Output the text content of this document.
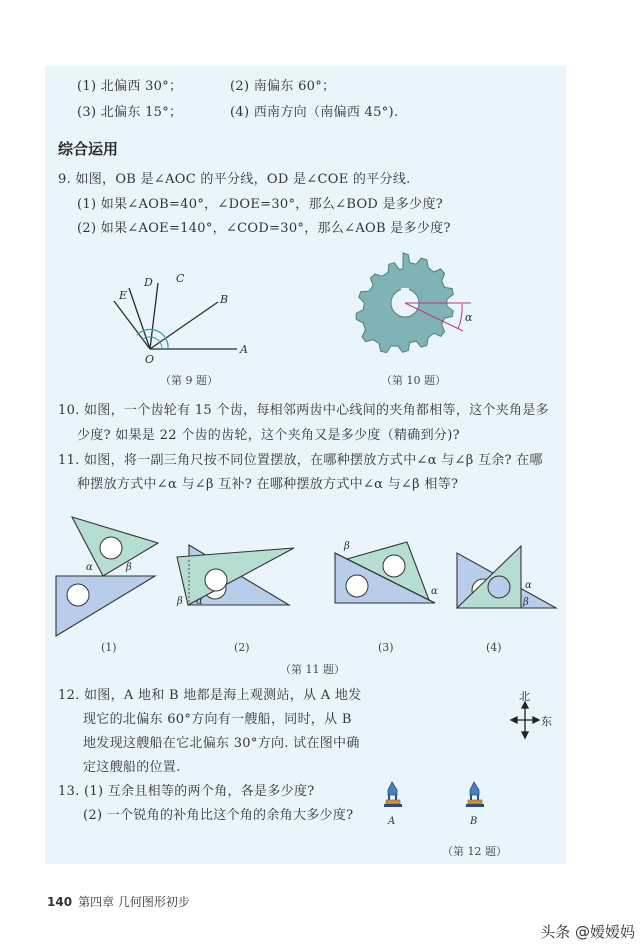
(1) 北偏西 30°；	(2) 南偏东 60°；
(3) 北偏东 15°；	(4) 西南方向（南偏西 45°).
综合运用
9. 如图，OB 是∠AOC 的平分线，OD 是∠COE 的平分线.
(1) 如果∠AOB=40°，∠DOE=30°，那么∠BOD 是多少度?
(2) 如果∠AOE=140°，∠COD=30°，那么∠AOB 是多少度?
O
A
B
C
D
E
（第 9 题）
α
（第 10 题）
10. 如图，一个齿轮有 15 个齿，每相邻两齿中心线间的夹角都相等，这个夹角是多
少度? 如果是 22 个齿的齿轮，这个夹角又是多少度（精确到分)?
11. 如图，将一副三角尺按不同位置摆放，在哪种摆放方式中∠α 与∠β 互余? 在哪
种摆放方式中∠α 与∠β 互补? 在哪种摆放方式中∠α 与∠β 相等?
α	β
β α
β
α
α
β
(1)	(2)	(3)	(4)
（第 11 题）
12. 如图，A 地和 B 地都是海上观测站，从 A 地发
现它的北偏东 60°方向有一艘船，同时，从 B
地发现这艘船在它北偏东 30°方向. 试在图中确
定这艘船的位置.
13. (1) 互余且相等的两个角，各是多少度?
(2) 一个锐角的补角比这个角的余角大多少度?
北
东
A	B
（第 12 题）
140 第四章 几何图形初步
头条 @嫒嫒妈
